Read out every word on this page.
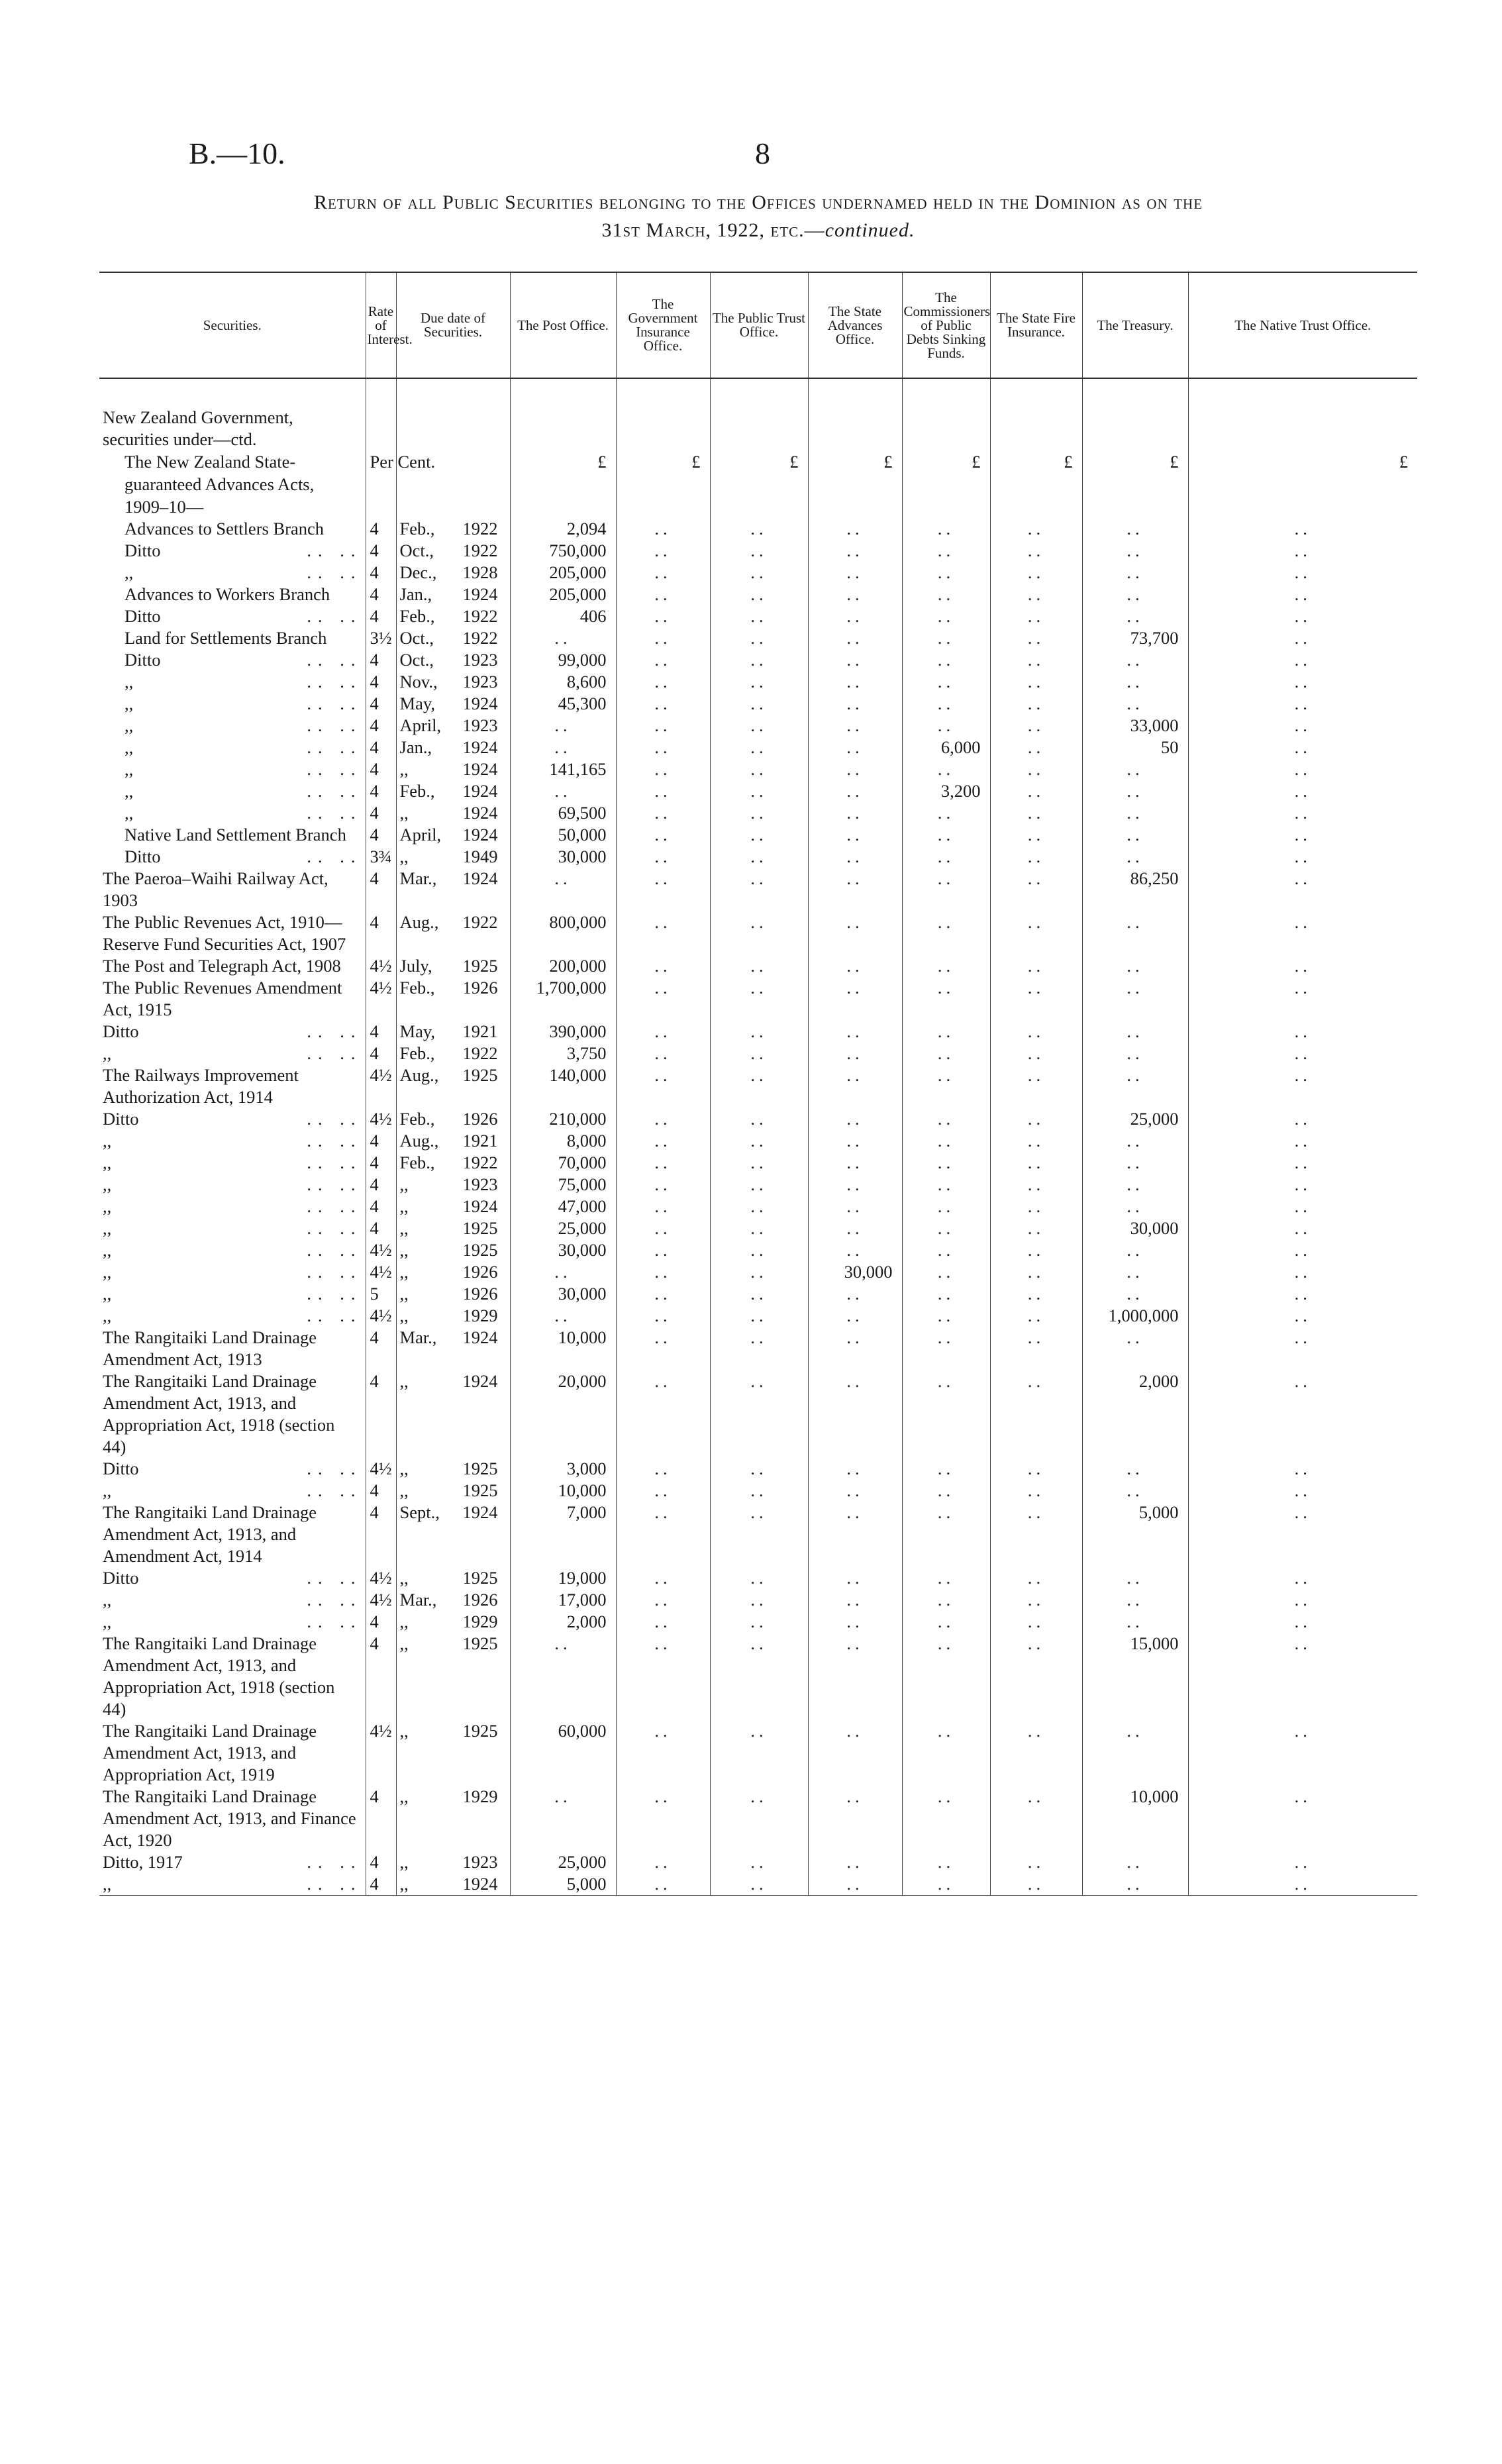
B.—10.	8
Return of all Public Securities belonging to the Offices undernamed held in the Dominion as on the
31st March, 1922, etc.—continued.
Securities.	Rate of Interest.	Due date of Securities.	The Post Office.	The Government Insurance Office.	The Public Trust Office.	The State Advances Office.	The Commissioners of Public Debts Sinking Funds.	The State Fire Insurance.	The Treasury.	The Native Trust Office.

New Zealand Government, securities under—ctd.										
The New Zealand State-guaranteed Advances Acts, 1909–10—	Per Cent.		£	£	£	£	£	£	£	£
Advances to Settlers Branch	4	Feb., 1922	2,094	..	..	..	..	..	..	..
Ditto .. ..	4	Oct., 1922	750,000	..	..	..	..	..	..	..
,, .. ..	4	Dec., 1928	205,000	..	..	..	..	..	..	..
Advances to Workers Branch	4	Jan., 1924	205,000	..	..	..	..	..	..	..
Ditto .. ..	4	Feb., 1922	406	..	..	..	..	..	..	..
Land for Settlements Branch	3½	Oct., 1922	..	..	..	..	..	..	73,700	..
Ditto .. ..	4	Oct., 1923	99,000	..	..	..	..	..	..	..
,, .. ..	4	Nov., 1923	8,600	..	..	..	..	..	..	..
,, .. ..	4	May, 1924	45,300	..	..	..	..	..	..	..
,, .. ..	4	April, 1923	..	..	..	..	..	..	33,000	..
,, .. ..	4	Jan., 1924	..	..	..	..	6,000	..	50	..
,, .. ..	4	,, 1924	141,165	..	..	..	..	..	..	..
,, .. ..	4	Feb., 1924	..	..	..	..	3,200	..	..	..
,, .. ..	4	,, 1924	69,500	..	..	..	..	..	..	..
Native Land Settlement Branch	4	April, 1924	50,000	..	..	..	..	..	..	..
Ditto .. ..	3¾	,, 1949	30,000	..	..	..	..	..	..	..
The Paeroa–Waihi Railway Act, 1903	4	Mar., 1924	..	..	..	..	..	..	86,250	..
The Public Revenues Act, 1910—Reserve Fund Securities Act, 1907	4	Aug., 1922	800,000	..	..	..	..	..	..	..
The Post and Telegraph Act, 1908	4½	July, 1925	200,000	..	..	..	..	..	..	..
The Public Revenues Amendment Act, 1915	4½	Feb., 1926	1,700,000	..	..	..	..	..	..	..
Ditto .. ..	4	May, 1921	390,000	..	..	..	..	..	..	..
,, .. ..	4	Feb., 1922	3,750	..	..	..	..	..	..	..
The Railways Improvement Authorization Act, 1914	4½	Aug., 1925	140,000	..	..	..	..	..	..	..
Ditto .. ..	4½	Feb., 1926	210,000	..	..	..	..	..	25,000	..
,, .. ..	4	Aug., 1921	8,000	..	..	..	..	..	..	..
,, .. ..	4	Feb., 1922	70,000	..	..	..	..	..	..	..
,, .. ..	4	,, 1923	75,000	..	..	..	..	..	..	..
,, .. ..	4	,, 1924	47,000	..	..	..	..	..	..	..
,, .. ..	4	,, 1925	25,000	..	..	..	..	..	30,000	..
,, .. ..	4½	,, 1925	30,000	..	..	..	..	..	..	..
,, .. ..	4½	,, 1926	..	..	..	30,000	..	..	..	..
,, .. ..	5	,, 1926	30,000	..	..	..	..	..	..	..
,, .. ..	4½	,, 1929	..	..	..	..	..	..	1,000,000	..
The Rangitaiki Land Drainage Amendment Act, 1913	4	Mar., 1924	10,000	..	..	..	..	..	..	..
The Rangitaiki Land Drainage Amendment Act, 1913, and Appropriation Act, 1918 (section 44)	4	,, 1924	20,000	..	..	..	..	..	2,000	..
Ditto .. ..	4½	,, 1925	3,000	..	..	..	..	..	..	..
,, .. ..	4	,, 1925	10,000	..	..	..	..	..	..	..
The Rangitaiki Land Drainage Amendment Act, 1913, and Amendment Act, 1914	4	Sept., 1924	7,000	..	..	..	..	..	5,000	..
Ditto .. ..	4½	,, 1925	19,000	..	..	..	..	..	..	..
,, .. ..	4½	Mar., 1926	17,000	..	..	..	..	..	..	..
,, .. ..	4	,, 1929	2,000	..	..	..	..	..	..	..
The Rangitaiki Land Drainage Amendment Act, 1913, and Appropriation Act, 1918 (section 44)	4	,, 1925	..	..	..	..	..	..	15,000	..
The Rangitaiki Land Drainage Amendment Act, 1913, and Appropriation Act, 1919	4½	,, 1925	60,000	..	..	..	..	..	..	..
The Rangitaiki Land Drainage Amendment Act, 1913, and Finance Act, 1920	4	,, 1929	..	..	..	..	..	..	10,000	..
Ditto, 1917 .. ..	4	,, 1923	25,000	..	..	..	..	..	..	..
,, .. ..	4	,, 1924	5,000	..	..	..	..	..	..	..
